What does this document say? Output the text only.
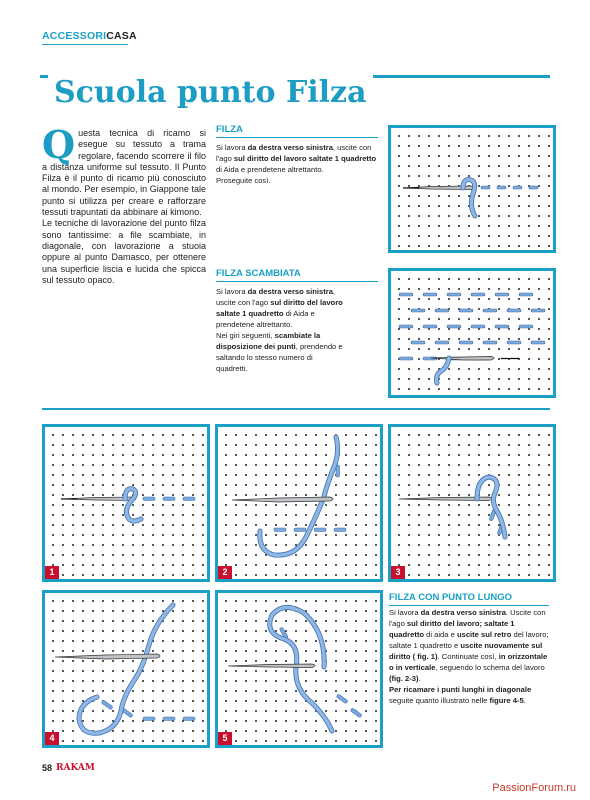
ACCESSORICASA
Scuola punto Filza
Q uesta tecnica di ricamo si esegue su tessuto a trama regolare, facendo scorrere il filo a distanza uniforme sul tessuto. Il Punto Filza è il punto di ricamo più conosciuto al mondo. Per esempio, in Giappone tale punto si utilizza per creare e rafforzare tessuti trapuntati da abbinare ai kimono.

Le tecniche di lavorazione del punto filza sono tantissime: a file scambiate, in diagonale, con lavorazione a stuoia oppure al punto Damasco, per ottenere una superficie liscia e lucida che spicca sul tessuto opaco.

FILZA
Si lavora da destra verso sinistra, uscite con l'ago sul diritto del lavoro saltate 1 quadretto di Aida e prendetene altrettanto.
Proseguite così.
FILZA SCAMBIATA
Si lavora da destra verso sinistra, uscite con l'ago sul diritto del lavoro saltate 1 quadretto di Aida e prendetene altrettanto.
Nei giri seguenti, scambiate la disposizione dei punti, prendendo e saltando lo stesso numero di quadretti.
FILZA CON PUNTO LUNGO
Si lavora da destra verso sinistra. Uscite con l'ago sul diritto del lavoro; saltate 1 quadretto di aida e uscite sul retro del lavoro; saltate 1 quadretto e uscite nuovamente sul diritto ( fig. 1). Continuate così, in orizzontale o in verticale, seguendo lo schema del lavoro (fig. 2-3).
Per ricamare i punti lunghi in diagonale seguite quanto illustrato nelle figure 4-5.
1	2	3
4	5
58 RAKAM
PassionForum.ru
